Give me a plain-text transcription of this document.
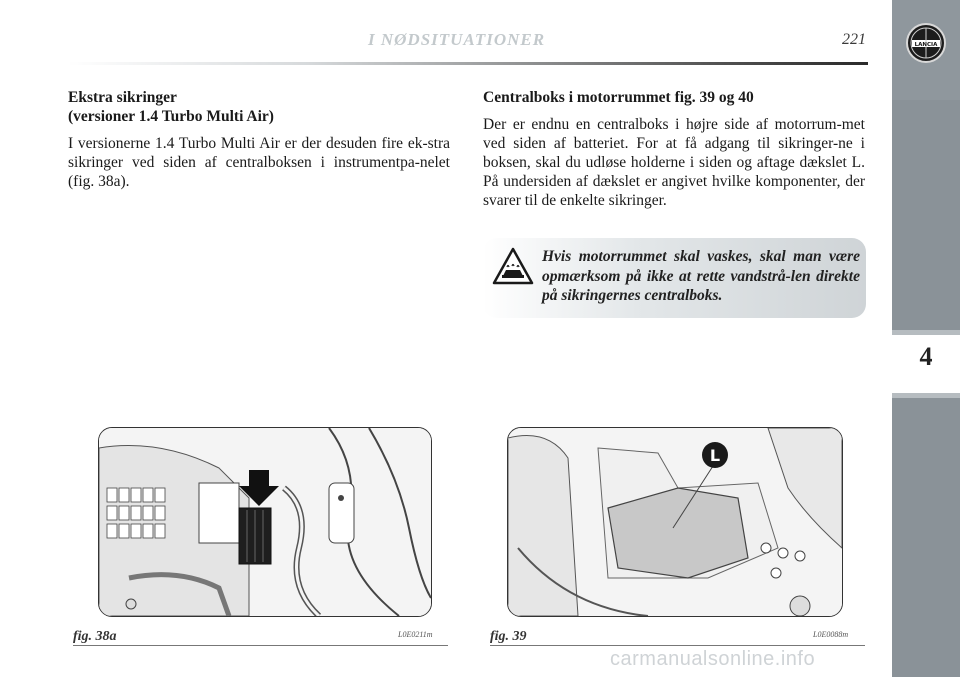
I NØDSITUATIONER	221	LANCIA
4

Ekstra sikringer
(versioner 1.4 Turbo Multi Air)

I versionerne 1.4 Turbo Multi Air er der desuden fire ek-stra sikringer ved siden af centralboksen i instrumentpa-nelet (fig. 38a).

Centralboks i motorrummet fig. 39 og 40

Der er endnu en centralboks i højre side af motorrum-met ved siden af batteriet. For at få adgang til sikringer-ne i boksen, skal du udløse holderne i siden og aftage dækslet L. På undersiden af dækslet er angivet hvilke komponenter, der svarer til de enkelte sikringer.

Hvis motorrummet skal vaskes, skal man være opmærksom på ikke at rette vandstrå-len direkte på sikringernes centralboks.
fig. 38a	L0E0211m
L
fig. 39	L0E0088m
carmanualsonline.info
